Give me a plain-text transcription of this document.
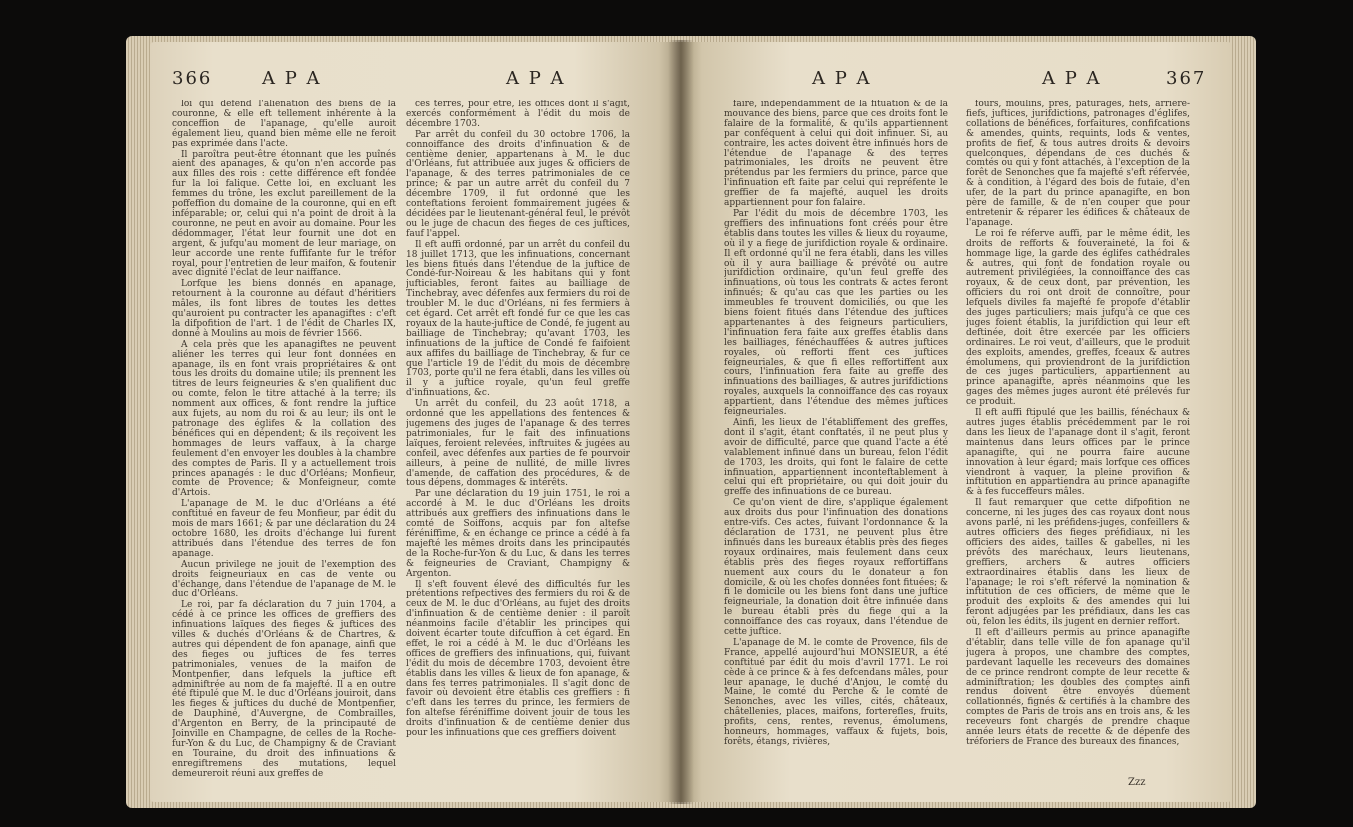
366	A P A	A P A

loi qui défend l'aliénation des biens de la couronne, & elle eft tellement inhérente à la conceffion de l'apanage, qu'elle auroit également lieu, quand bien même elle ne feroit pas exprimée dans l'acte.

Il paroîtra peut-être étonnant que les puînés aient des apanages, & qu'on n'en accorde pas aux filles des rois : cette différence eft fondée fur la loi falique. Cette loi, en excluant les femmes du trône, les exclut pareillement de la poffeffion du domaine de la couronne, qui en eft inféparable; or, celui qui n'a point de droit à la couronne, ne peut en avoir au domaine. Pour les dédommager, l'état leur fournit une dot en argent, & jufqu'au moment de leur mariage, on leur accorde une rente fuffifante fur le tréfor royal, pour l'entretien de leur maifon, & foutenir avec dignité l'éclat de leur naiffance.

Lorfque les biens donnés en apanage, retournent à la couronne au défaut d'héritiers mâles, ils font libres de toutes les dettes qu'auroient pu contracter les apanagiftes : c'eft la difpofition de l'art. 1 de l'édit de Charles IX, donné à Moulins au mois de février 1566.

A cela près que les apanagiftes ne peuvent aliéner les terres qui leur font données en apanage, ils en font vrais propriétaires & ont tous les droits du domaine utile; ils prennent les titres de leurs feigneuries & s'en qualifient duc ou comte, felon le titre attaché à la terre; ils nomment aux offices, & font rendre la juftice aux fujets, au nom du roi & au leur; ils ont le patronage des églifes & la collation des bénéfices qui en dépendent; & ils reçoivent les hommages de leurs vaffaux, à la charge feulement d'en envoyer les doubles à la chambre des comptes de Paris. Il y a actuellement trois princes apanagés : le duc d'Orléans; Monfieur, comte de Provence; & Monfeigneur, comte d'Artois.

L'apanage de M. le duc d'Orléans a été conftitué en faveur de feu Monfieur, par édit du mois de mars 1661; & par une déclaration du 24 octobre 1680, les droits d'échange lui furent attribués dans l'étendue des terres de fon apanage.

Aucun privilege ne jouit de l'exemption des droits feigneuriaux en cas de vente ou d'échange, dans l'étendue de l'apanage de M. le duc d'Orléans.

Le roi, par fa déclaration du 7 juin 1704, a cédé à ce prince les offices de greffiers des infinuations laïques des fieges & juftices des villes & duchés d'Orléans & de Chartres, & autres qui dépendent de fon apanage, ainfi que des fieges ou juftices de fes terres patrimoniales, venues de la maifon de Montpenfier, dans lefquels la juftice eft adminiftrée au nom de fa majefté. Il a en outre été ftipulé que M. le duc d'Orléans jouiroit, dans les fieges & juftices du duché de Montpenfier, de Dauphiné, d'Auvergne, de Combrailles, d'Argenton en Berry, de la principauté de Joinville en Champagne, de celles de la Roche-fur-Yon & du Luc, de Champigny & de Craviant en Touraine, du droit des infinuations & enregiftremens des mutations, lequel demeureroit réuni aux greffes de

ces terres, pour être, les offices dont il s'agit, exercés conformément à l'édit du mois de décembre 1703.

Par arrêt du confeil du 30 octobre 1706, la connoiffance des droits d'infinuation & de centième denier, appartenans à M. le duc d'Orléans, fut attribuée aux juges & officiers de l'apanage, & des terres patrimoniales de ce prince; & par un autre arrêt du confeil du 7 décembre 1709, il fut ordonné que les conteftations feroient fommairement jugées & décidées par le lieutenant-général feul, le prévôt ou le juge de chacun des fieges de ces juftices, fauf l'appel.

Il eft auffi ordonné, par un arrêt du confeil du 18 juillet 1713, que les infinuations, concernant les biens fitués dans l'étendue de la juftice de Condé-fur-Noireau & les habitans qui y font jufticiables, feront faites au bailliage de Tinchebray, avec défenfes aux fermiers du roi de troubler M. le duc d'Orléans, ni fes fermiers à cet égard. Cet arrêt eft fondé fur ce que les cas royaux de la haute-juftice de Condé, fe jugent au bailliage de Tinchebray; qu'avant 1703, les infinuations de la juftice de Condé fe faifoient aux affifes du bailliage de Tinchebray, & fur ce que l'article 19 de l'édit du mois de décembre 1703, porte qu'il ne fera établi, dans les villes où il y a juftice royale, qu'un feul greffe d'infinuations, &c.

Un arrêt du confeil, du 23 août 1718, a ordonné que les appellations des fentences & jugemens des juges de l'apanage & des terres patrimoniales, fur le fait des infinuations laïques, feroient relevées, inftruites & jugées au confeil, avec défenfes aux parties de fe pourvoir ailleurs, à peine de nullité, de mille livres d'amende, de caffation des procédures, & de tous dépens, dommages & intérêts.

Par une déclaration du 19 juin 1751, le roi a accordé à M. le duc d'Orléans les droits attribués aux greffiers des infinuations dans le comté de Soiffons, acquis par fon altefse féréniffime, & en échange ce prince a cédé à fa majefté les mêmes droits dans les principautés de la Roche-fur-Yon & du Luc, & dans les terres & feigneuries de Craviant, Champigny & Argenton.

Il s'eft fouvent élevé des difficultés fur les prétentions refpectives des fermiers du roi & de ceux de M. le duc d'Orléans, au fujet des droits d'infinuation & de centième denier : il paroît néanmoins facile d'établir les principes qui doivent écarter toute difcuffion à cet égard. En effet, le roi a cédé à M. le duc d'Orléans les offices de greffiers des infinuations, qui, fuivant l'édit du mois de décembre 1703, devoient être établis dans les villes & lieux de fon apanage, & dans fes terres patrimoniales. Il s'agit donc de favoir où devoient être établis ces greffiers : fi c'eft dans les terres du prince, les fermiers de fon altefse féréniffime doivent jouir de tous les droits d'infinuation & de centième denier dus pour les infinuations que ces greffiers doivent

A P A	A P A	367

faire, indépendamment de la fituation & de la mouvance des biens, parce que ces droits font le falaire de la formalité, & qu'ils appartiennent par conféquent à celui qui doit infinuer. Si, au contraire, les actes doivent être infinués hors de l'étendue de l'apanage & des terres patrimoniales, les droits ne peuvent être prétendus par les fermiers du prince, parce que l'infinuation eft faite par celui qui repréfente le greffier de fa majefté, auquel les droits appartiennent pour fon falaire.

Par l'édit du mois de décembre 1703, les greffiers des infinuations font créés pour être établis dans toutes les villes & lieux du royaume, où il y a fiege de jurifdiction royale & ordinaire. Il eft ordonné qu'il ne fera établi, dans les villes où il y aura bailliage & prévôté ou autre jurifdiction ordinaire, qu'un feul greffe des infinuations, où tous les contrats & actes feront infinués; & qu'au cas que les parties ou les immeubles fe trouvent domiciliés, ou que les biens foient fitués dans l'étendue des juftices appartenantes à des feigneurs particuliers, l'infinuation fera faite aux greffes établis dans les bailliages, fénéchauffées & autres juftices royales, où refforti ffent ces juftices feigneuriales, & que fi elles reffortiffent aux cours, l'infinuation fera faite au greffe des infinuations des bailliages, & autres jurifdictions royales, auxquels la connoiffance des cas royaux appartient, dans l'étendue des mêmes juftices feigneuriales.

Ainfi, les lieux de l'établiffement des greffes, dont il s'agit, étant conftatés, il ne peut plus y avoir de difficulté, parce que quand l'acte a été valablement infinué dans un bureau, felon l'édit de 1703, les droits, qui font le falaire de cette infinuation, appartiennent inconteftablement à celui qui eft propriétaire, ou qui doit jouir du greffe des infinuations de ce bureau.

Ce qu'on vient de dire, s'applique également aux droits dus pour l'infinuation des donations entre-vifs. Ces actes, fuivant l'ordonnance & la déclaration de 1731, ne peuvent plus être infinués dans les bureaux établis près des fieges royaux ordinaires, mais feulement dans ceux établis près des fieges royaux reffortiffans nuement aux cours du le donateur a fon domicile, & où les chofes données font fituées; & fi le domicile ou les biens font dans une juftice feigneuriale, la donation doit être infinuée dans le bureau établi près du fiege qui a la connoiffance des cas royaux, dans l'étendue de cette juftice.

L'apanage de M. le comte de Provence, fils de France, appellé aujourd'hui MONSIEUR, a été conftitué par édit du mois d'avril 1771. Le roi cède à ce prince & à fes defcendans mâles, pour leur apanage, le duché d'Anjou, le comté du Maine, le comté du Perche & le comté de Senonches, avec les villes, cités, châteaux, châtellenies, places, maifons, forterefles, fruits, profits, cens, rentes, revenus, émolumens, honneurs, hommages, vaffaux & fujets, bois, forêts, étangs, rivières,

fours, moulins, prés, pâturages, fiefs, arrière-fiefs, juftices, jurifdictions, patronages d'églifes, collations de bénéfices, forfaitures, confifcations & amendes, quints, requints, lods & ventes, profits de fief, & tous autres droits & devoirs quelconques, dépendans de ces duchés & comtés ou qui y font attachés, à l'exception de la forêt de Senonches que fa majefté s'eft réfervée, & à condition, à l'égard des bois de futaie, d'en ufer, de la part du prince apanagifte, en bon père de famille, & de n'en couper que pour entretenir & réparer les édifices & châteaux de l'apanage.

Le roi fe réferve auffi, par le même édit, les droits de refforts & fouveraineté, la foi & hommage lige, la garde des églifes cathédrales & autres, qui font de fondation royale ou autrement privilégiées, la connoiffance des cas royaux, & de ceux dont, par prévention, les officiers du roi ont droit de connoître, pour lefquels diviles fa majefté fe propofe d'établir des juges particuliers; mais jufqu'à ce que ces juges foient établis, la jurifdiction qui leur eft deftinée, doit être exercée par les officiers ordinaires. Le roi veut, d'ailleurs, que le produit des exploits, amendes, greffes, fceaux & autres émolumens, qui proviendront de la jurifdiction de ces juges particuliers, appartiennent au prince apanagifte, après néanmoins que les gages des mêmes juges auront été prélevés fur ce produit.

Il eft auffi ftipulé que les baillis, fénéchaux & autres juges établis précédemment par le roi dans les lieux de l'apanage dont il s'agit, feront maintenus dans leurs offices par le prince apanagifte, qui ne pourra faire aucune innovation à leur égard; mais lorfque ces offices viendront à vaquer, la pleine provifion & inftitution en appartiendra au prince apanagifte & à fes fucceffeurs mâles.

Il faut remarquer que cette difpofition ne concerne, ni les juges des cas royaux dont nous avons parlé, ni les préfidens-juges, confeillers & autres officiers des fieges préfidiaux, ni les officiers des aides, tailles & gabelles, ni les prévôts des maréchaux, leurs lieutenans, greffiers, archers & autres officiers extraordinaires établis dans les lieux de l'apanage; le roi s'eft réfervé la nomination & inftitution de ces officiers, de même que le produit des exploits & des amendes qui lui feront adjugées par les préfidiaux, dans les cas où, felon les édits, ils jugent en dernier reffort.

Il eft d'ailleurs permis au prince apanagifte d'établir, dans telle ville de fon apanage qu'il jugera à propos, une chambre des comptes, pardevant laquelle les receveurs des domaines de ce prince rendront compte de leur recette & adminiftration; les doubles des comptes ainfi rendus doivent être envoyés dûement collationnés, fignés & certifiés à la chambre des comptes de Paris de trois ans en trois ans, & les receveurs font chargés de prendre chaque année leurs états de recette & de dépenfe des tréforiers de France des bureaux des finances,

Zzz
